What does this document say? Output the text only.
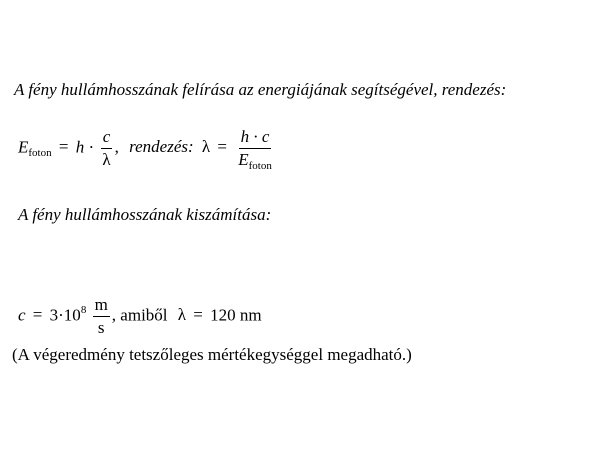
A fény hullámhosszának felírása az energiájának segítségével, rendezés:
$E_{foton} = h \cdot \frac{c}{\lambda}$ , rendezés: $\lambda = \frac{h \cdot c}{E_{foton}}$
A fény hullámhosszának kiszámítása:
$c = 3\cdot 10^8 \frac{m}{s}$ , amiből λ = 120 nm
(A végeredmény tetszőleges mértékegységgel megadható.)
